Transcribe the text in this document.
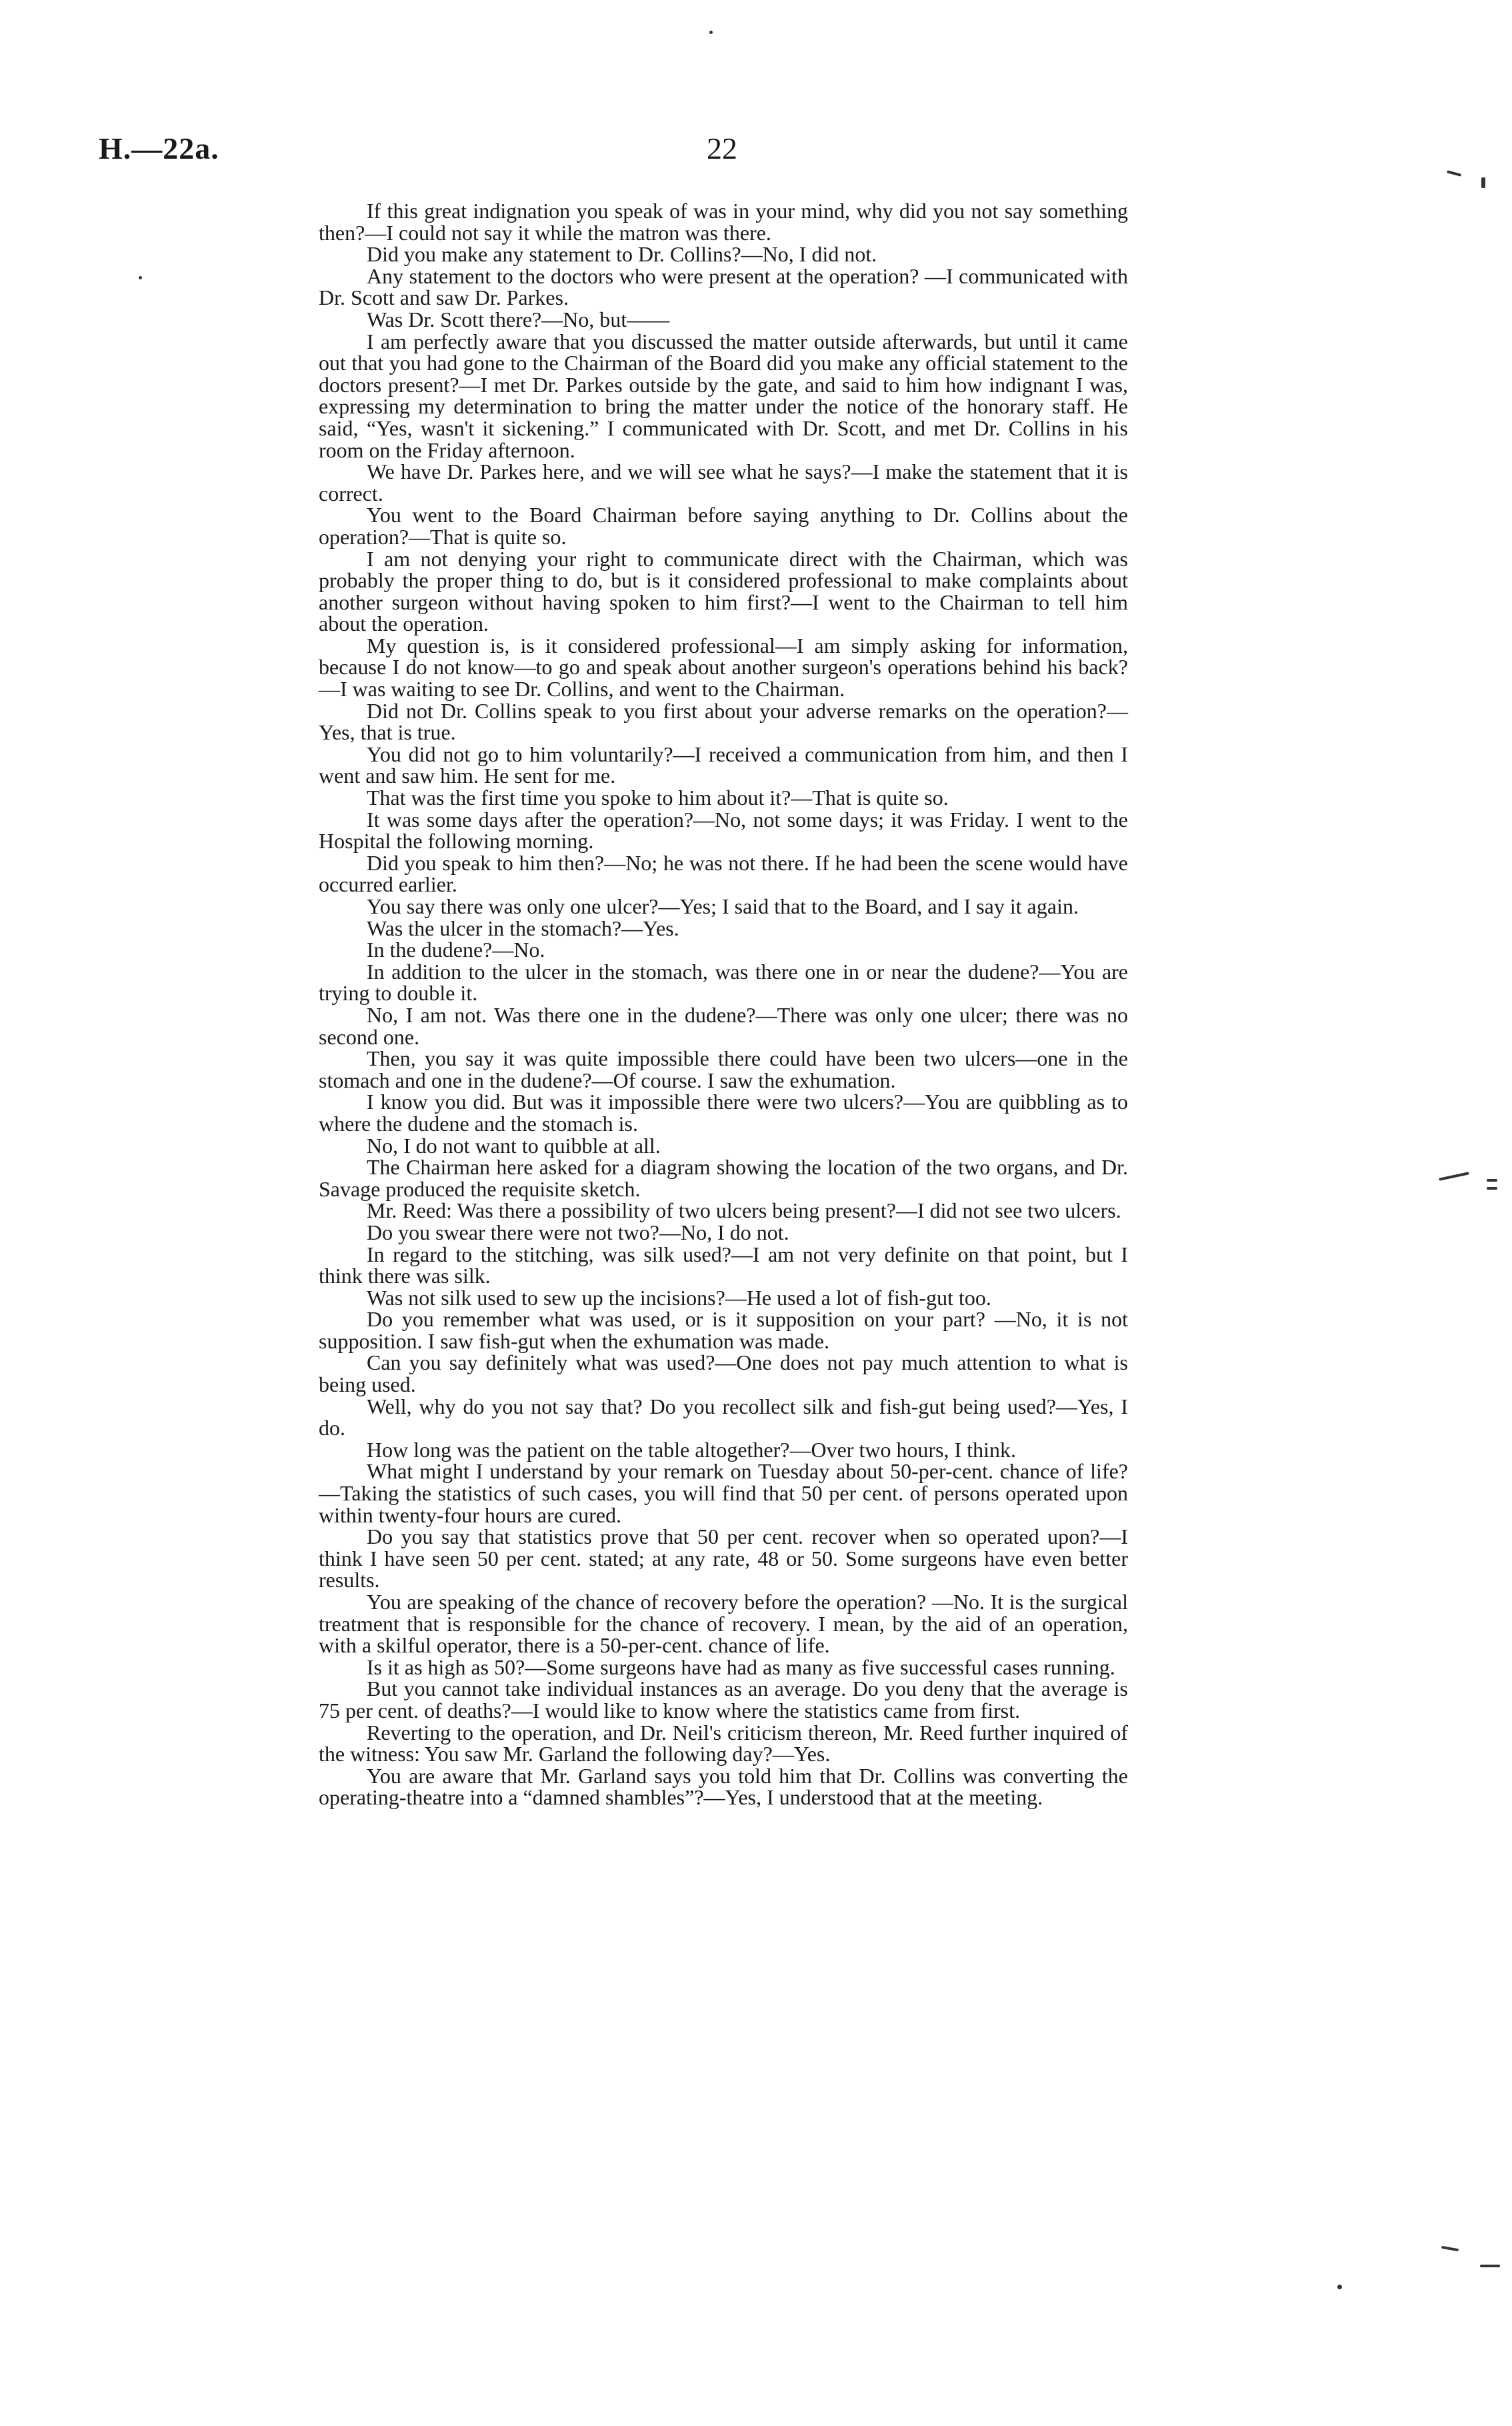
H.—22a.	22

If this great indignation you speak of was in your mind, why did you not say something then?—I could not say it while the matron was there.

Did you make any statement to Dr. Collins?—No, I did not.

Any statement to the doctors who were present at the operation? —I communicated with Dr. Scott and saw Dr. Parkes.

Was Dr. Scott there?—No, but——

I am perfectly aware that you discussed the matter outside afterwards, but until it came out that you had gone to the Chairman of the Board did you make any official statement to the doctors present?—I met Dr. Parkes outside by the gate, and said to him how indignant I was, expressing my determination to bring the matter under the notice of the honorary staff. He said, “Yes, wasn't it sickening.” I communicated with Dr. Scott, and met Dr. Collins in his room on the Friday afternoon.

We have Dr. Parkes here, and we will see what he says?—I make the statement that it is correct.

You went to the Board Chairman before saying anything to Dr. Collins about the operation?—That is quite so.

I am not denying your right to communicate direct with the Chairman, which was probably the proper thing to do, but is it considered professional to make complaints about another surgeon without having spoken to him first?—I went to the Chairman to tell him about the operation.

My question is, is it considered professional—I am simply asking for information, because I do not know—to go and speak about another surgeon's operations behind his back?—I was waiting to see Dr. Collins, and went to the Chairman.

Did not Dr. Collins speak to you first about your adverse remarks on the operation?—Yes, that is true.

You did not go to him voluntarily?—I received a communication from him, and then I went and saw him. He sent for me.

That was the first time you spoke to him about it?—That is quite so.

It was some days after the operation?—No, not some days; it was Friday. I went to the Hospital the following morning.

Did you speak to him then?—No; he was not there. If he had been the scene would have occurred earlier.

You say there was only one ulcer?—Yes; I said that to the Board, and I say it again.

Was the ulcer in the stomach?—Yes.

In the dudene?—No.

In addition to the ulcer in the stomach, was there one in or near the dudene?—You are trying to double it.

No, I am not. Was there one in the dudene?—There was only one ulcer; there was no second one.

Then, you say it was quite impossible there could have been two ulcers—one in the stomach and one in the dudene?—Of course. I saw the exhumation.

I know you did. But was it impossible there were two ulcers?—You are quibbling as to where the dudene and the stomach is.

No, I do not want to quibble at all.

The Chairman here asked for a diagram showing the location of the two organs, and Dr. Savage produced the requisite sketch.

Mr. Reed: Was there a possibility of two ulcers being present?—I did not see two ulcers.

Do you swear there were not two?—No, I do not.

In regard to the stitching, was silk used?—I am not very definite on that point, but I think there was silk.

Was not silk used to sew up the incisions?—He used a lot of fish-gut too.

Do you remember what was used, or is it supposition on your part? —No, it is not supposition. I saw fish-gut when the exhumation was made.

Can you say definitely what was used?—One does not pay much attention to what is being used.

Well, why do you not say that? Do you recollect silk and fish-gut being used?—Yes, I do.

How long was the patient on the table altogether?—Over two hours, I think.

What might I understand by your remark on Tuesday about 50-per-cent. chance of life?—Taking the statistics of such cases, you will find that 50 per cent. of persons operated upon within twenty-four hours are cured.

Do you say that statistics prove that 50 per cent. recover when so operated upon?—I think I have seen 50 per cent. stated; at any rate, 48 or 50. Some surgeons have even better results.

You are speaking of the chance of recovery before the operation? —No. It is the surgical treatment that is responsible for the chance of recovery. I mean, by the aid of an operation, with a skilful operator, there is a 50-per-cent. chance of life.

Is it as high as 50?—Some surgeons have had as many as five successful cases running.

But you cannot take individual instances as an average. Do you deny that the average is 75 per cent. of deaths?—I would like to know where the statistics came from first.

Reverting to the operation, and Dr. Neil's criticism thereon, Mr. Reed further inquired of the witness: You saw Mr. Garland the following day?—Yes.

You are aware that Mr. Garland says you told him that Dr. Collins was converting the operating-theatre into a “damned shambles”?—Yes, I understood that at the meeting.
